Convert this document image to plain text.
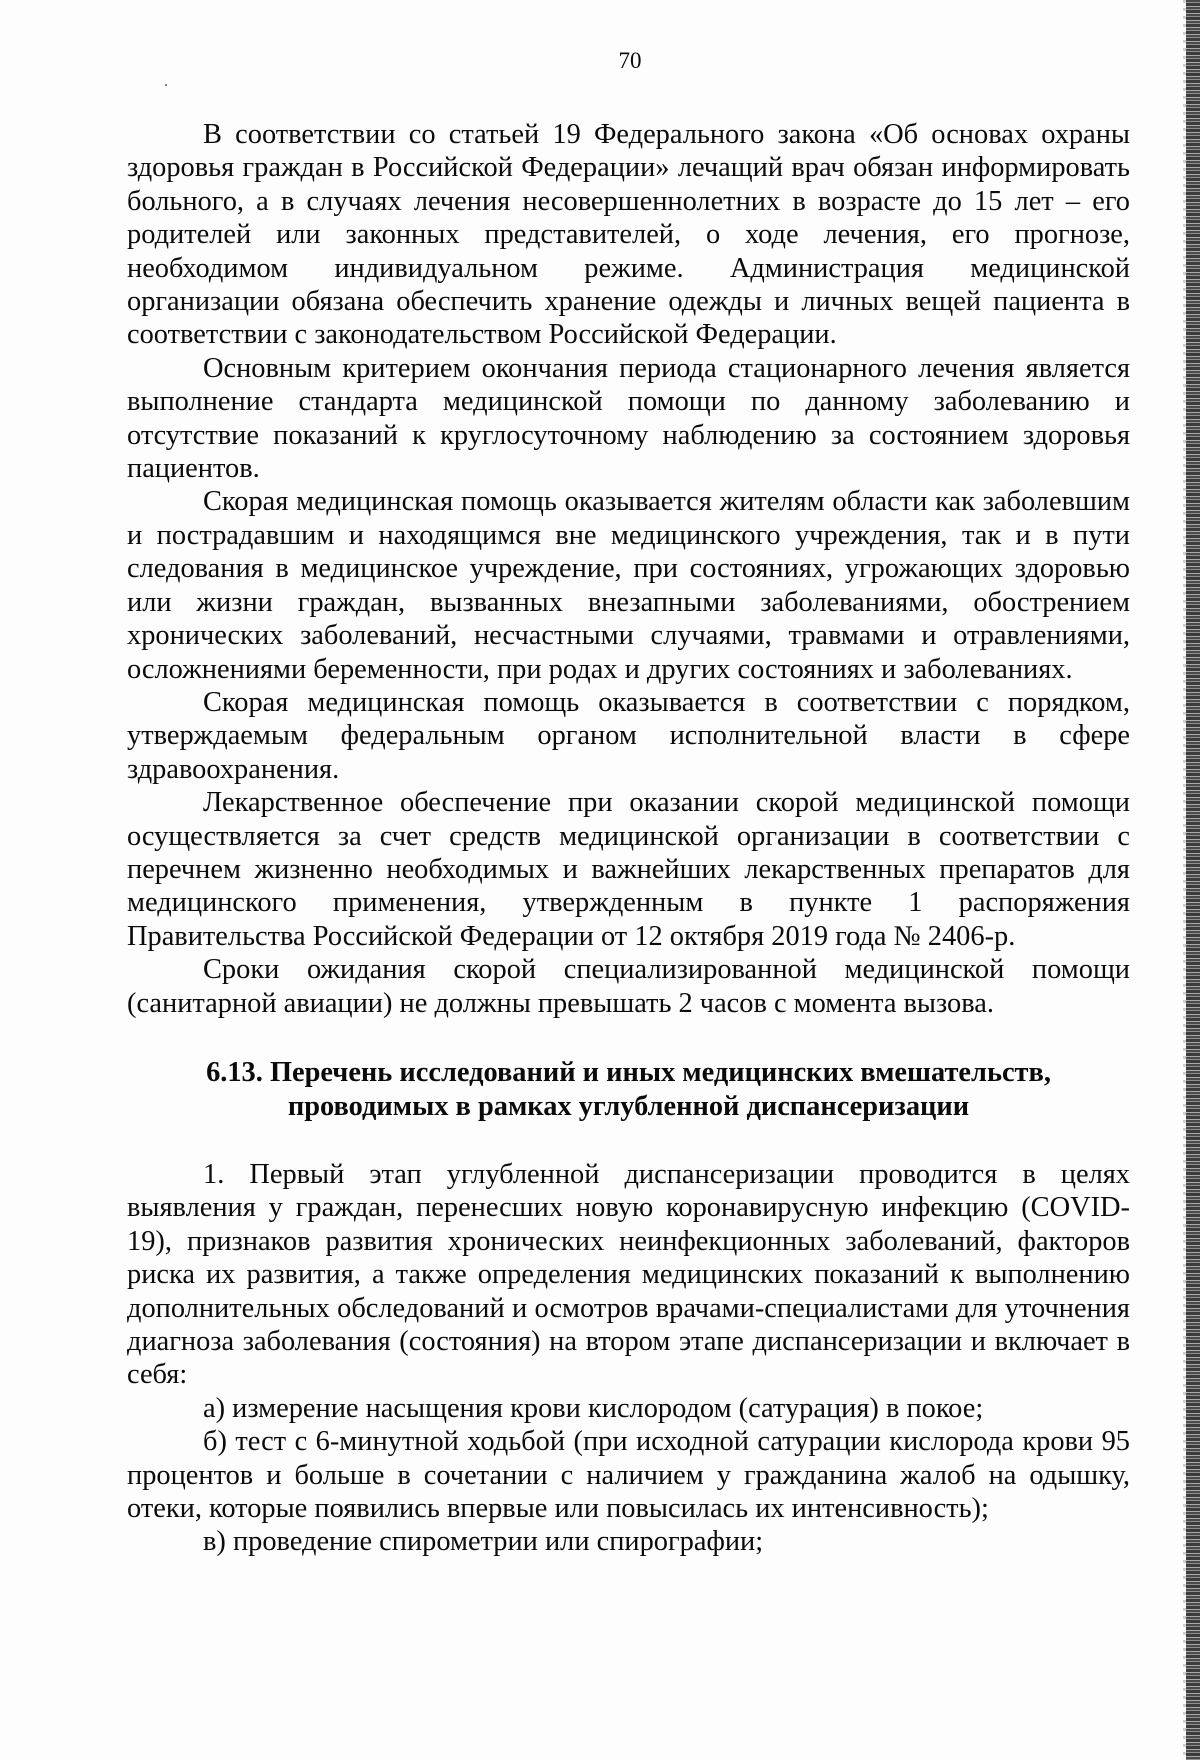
70

В соответствии со статьей 19 Федерального закона «Об основах охраны здоровья граждан в Российской Федерации» лечащий врач обязан информировать больного, а в случаях лечения несовершеннолетних в возрасте до 15 лет – его родителей или законных представителей, о ходе лечения, его прогнозе, необходимом индивидуальном режиме. Администрация медицинской организации обязана обеспечить хранение одежды и личных вещей пациента в соответствии с законодательством Российской Федерации.

Основным критерием окончания периода стационарного лечения является выполнение стандарта медицинской помощи по данному заболеванию и отсутствие показаний к круглосуточному наблюдению за состоянием здоровья пациентов.

Скорая медицинская помощь оказывается жителям области как заболевшим и пострадавшим и находящимся вне медицинского учреждения, так и в пути следования в медицинское учреждение, при состояниях, угрожающих здоровью или жизни граждан, вызванных внезапными заболеваниями, обострением хронических заболеваний, несчастными случаями, травмами и отравлениями, осложнениями беременности, при родах и других состояниях и заболеваниях.

Скорая медицинская помощь оказывается в соответствии с порядком, утверждаемым федеральным органом исполнительной власти в сфере здравоохранения.

Лекарственное обеспечение при оказании скорой медицинской помощи осуществляется за счет средств медицинской организации в соответствии с перечнем жизненно необходимых и важнейших лекарственных препаратов для медицинского применения, утвержденным в пункте 1 распоряжения Правительства Российской Федерации от 12 октября 2019 года № 2406-р.

Сроки ожидания скорой специализированной медицинской помощи (санитарной авиации) не должны превышать 2 часов с момента вызова.

6.13. Перечень исследований и иных медицинских вмешательств,
проводимых в рамках углубленной диспансеризации

1. Первый этап углубленной диспансеризации проводится в целях выявления у граждан, перенесших новую коронавирусную инфекцию (COVID-19), признаков развития хронических неинфекционных заболеваний, факторов риска их развития, а также определения медицинских показаний к выполнению дополнительных обследований и осмотров врачами-специалистами для уточнения диагноза заболевания (состояния) на втором этапе диспансеризации и включает в себя:

а) измерение насыщения крови кислородом (сатурация) в покое;

б) тест с 6-минутной ходьбой (при исходной сатурации кислорода крови 95 процентов и больше в сочетании с наличием у гражданина жалоб на одышку, отеки, которые появились впервые или повысилась их интенсивность);

в) проведение спирометрии или спирографии;
